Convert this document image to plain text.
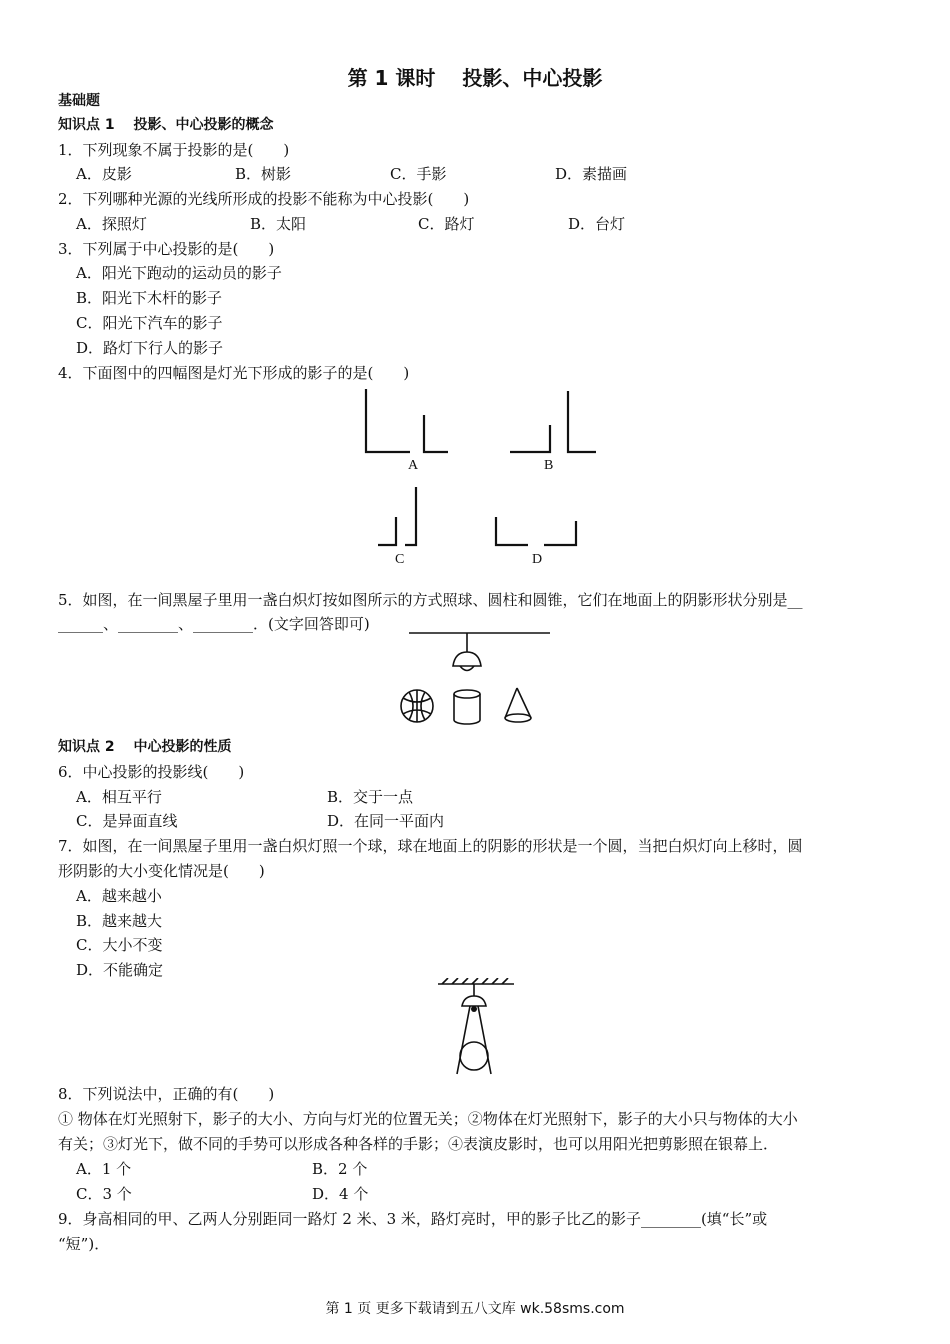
第 1 课时　 投影、中心投影
基础题
知识点 1　 投影、中心投影的概念
1．下列现象不属于投影的是(　　)
A．皮影	B．树影	C．手影	D．素描画
2．下列哪种光源的光线所形成的投影不能称为中心投影(　　)
A．探照灯	B．太阳	C．路灯	D．台灯
3．下列属于中心投影的是(　　)
A．阳光下跑动的运动员的影子
B．阳光下木杆的影子
C．阳光下汽车的影子
D．路灯下行人的影子
4．下面图中的四幅图是灯光下形成的影子的是(　　)
A	B
C	D
5．如图，在一间黑屋子里用一盏白炽灯按如图所示的方式照球、圆柱和圆锥，它们在地面上的阴影形状分别是__
______、________、________．(文字回答即可)
知识点 2　 中心投影的性质
6．中心投影的投影线(　　)
A．相互平行	B．交于一点
C．是异面直线	D．在同一平面内
7．如图，在一间黑屋子里用一盏白炽灯照一个球，球在地面上的阴影的形状是一个圆，当把白炽灯向上移时，圆
形阴影的大小变化情况是(　　)
A．越来越小
B．越来越大
C．大小不变
D．不能确定
8．下列说法中，正确的有(　　)
① 物体在灯光照射下，影子的大小、方向与灯光的位置无关；②物体在灯光照射下，影子的大小只与物体的大小
有关；③灯光下，做不同的手势可以形成各种各样的手影；④表演皮影时，也可以用阳光把剪影照在银幕上．
A．1 个	B．2 个
C．3 个	D．4 个
9．身高相同的甲、乙两人分别距同一路灯 2 米、3 米，路灯亮时，甲的影子比乙的影子________(填“长”或
“短”)．
第 1 页 更多下载请到五八文库 wk.58sms.com
